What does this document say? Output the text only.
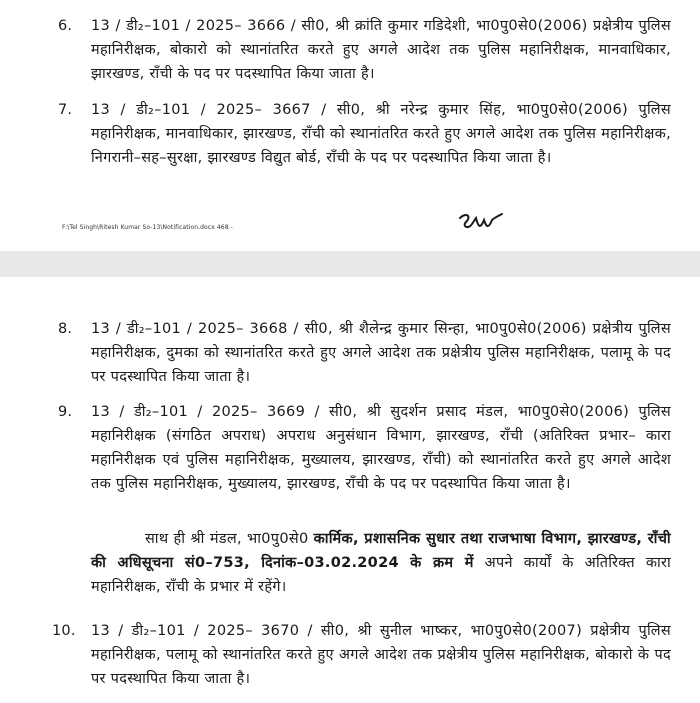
6. 13 / डी₂–101 / 2025– 3666 / सी0, श्री क्रांति कुमार गडिदेशी, भा0पु0से0(2006) प्रक्षेत्रीय पुलिस महानिरीक्षक, बोकारो को स्थानांतरित करते हुए अगले आदेश तक पुलिस महानिरीक्षक, मानवाधिकार, झारखण्ड, राँची के पद पर पदस्थापित किया जाता है।
7. 13 / डी₂–101 / 2025– 3667 / सी0, श्री नरेन्द्र कुमार सिंह, भा0पु0से0(2006) पुलिस महानिरीक्षक, मानवाधिकार, झारखण्ड, राँची को स्थानांतरित करते हुए अगले आदेश तक पुलिस महानिरीक्षक, निगरानी–सह–सुरक्षा, झारखण्ड विद्युत बोर्ड, राँची के पद पर पदस्थापित किया जाता है।
F:\Tel Singh\Ritesh Kumar So-13\Notification.docx 468 -
8. 13 / डी₂–101 / 2025– 3668 / सी0, श्री शैलेन्द्र कुमार सिन्हा, भा0पु0से0(2006) प्रक्षेत्रीय पुलिस महानिरीक्षक, दुमका को स्थानांतरित करते हुए अगले आदेश तक प्रक्षेत्रीय पुलिस महानिरीक्षक, पलामू के पद पर पदस्थापित किया जाता है।
9. 13 / डी₂–101 / 2025– 3669 / सी0, श्री सुदर्शन प्रसाद मंडल, भा0पु0से0(2006) पुलिस महानिरीक्षक (संगठित अपराध) अपराध अनुसंधान विभाग, झारखण्ड, राँची (अतिरिक्त प्रभार– कारा महानिरीक्षक एवं पुलिस महानिरीक्षक, मुख्यालय, झारखण्ड, राँची) को स्थानांतरित करते हुए अगले आदेश तक पुलिस महानिरीक्षक, मुख्यालय, झारखण्ड, राँची के पद पर पदस्थापित किया जाता है।
साथ ही श्री मंडल, भा0पु0से0 कार्मिक, प्रशासनिक सुधार तथा राजभाषा विभाग, झारखण्ड, राँची की अधिसूचना सं0–753, दिनांक–03.02.2024 के क्रम में अपने कार्यों के अतिरिक्त कारा महानिरीक्षक, राँची के प्रभार में रहेंगे।
10. 13 / डी₂–101 / 2025– 3670 / सी0, श्री सुनील भाष्कर, भा0पु0से0(2007) प्रक्षेत्रीय पुलिस महानिरीक्षक, पलामू को स्थानांतरित करते हुए अगले आदेश तक प्रक्षेत्रीय पुलिस महानिरीक्षक, बोकारो के पद पर पदस्थापित किया जाता है।
